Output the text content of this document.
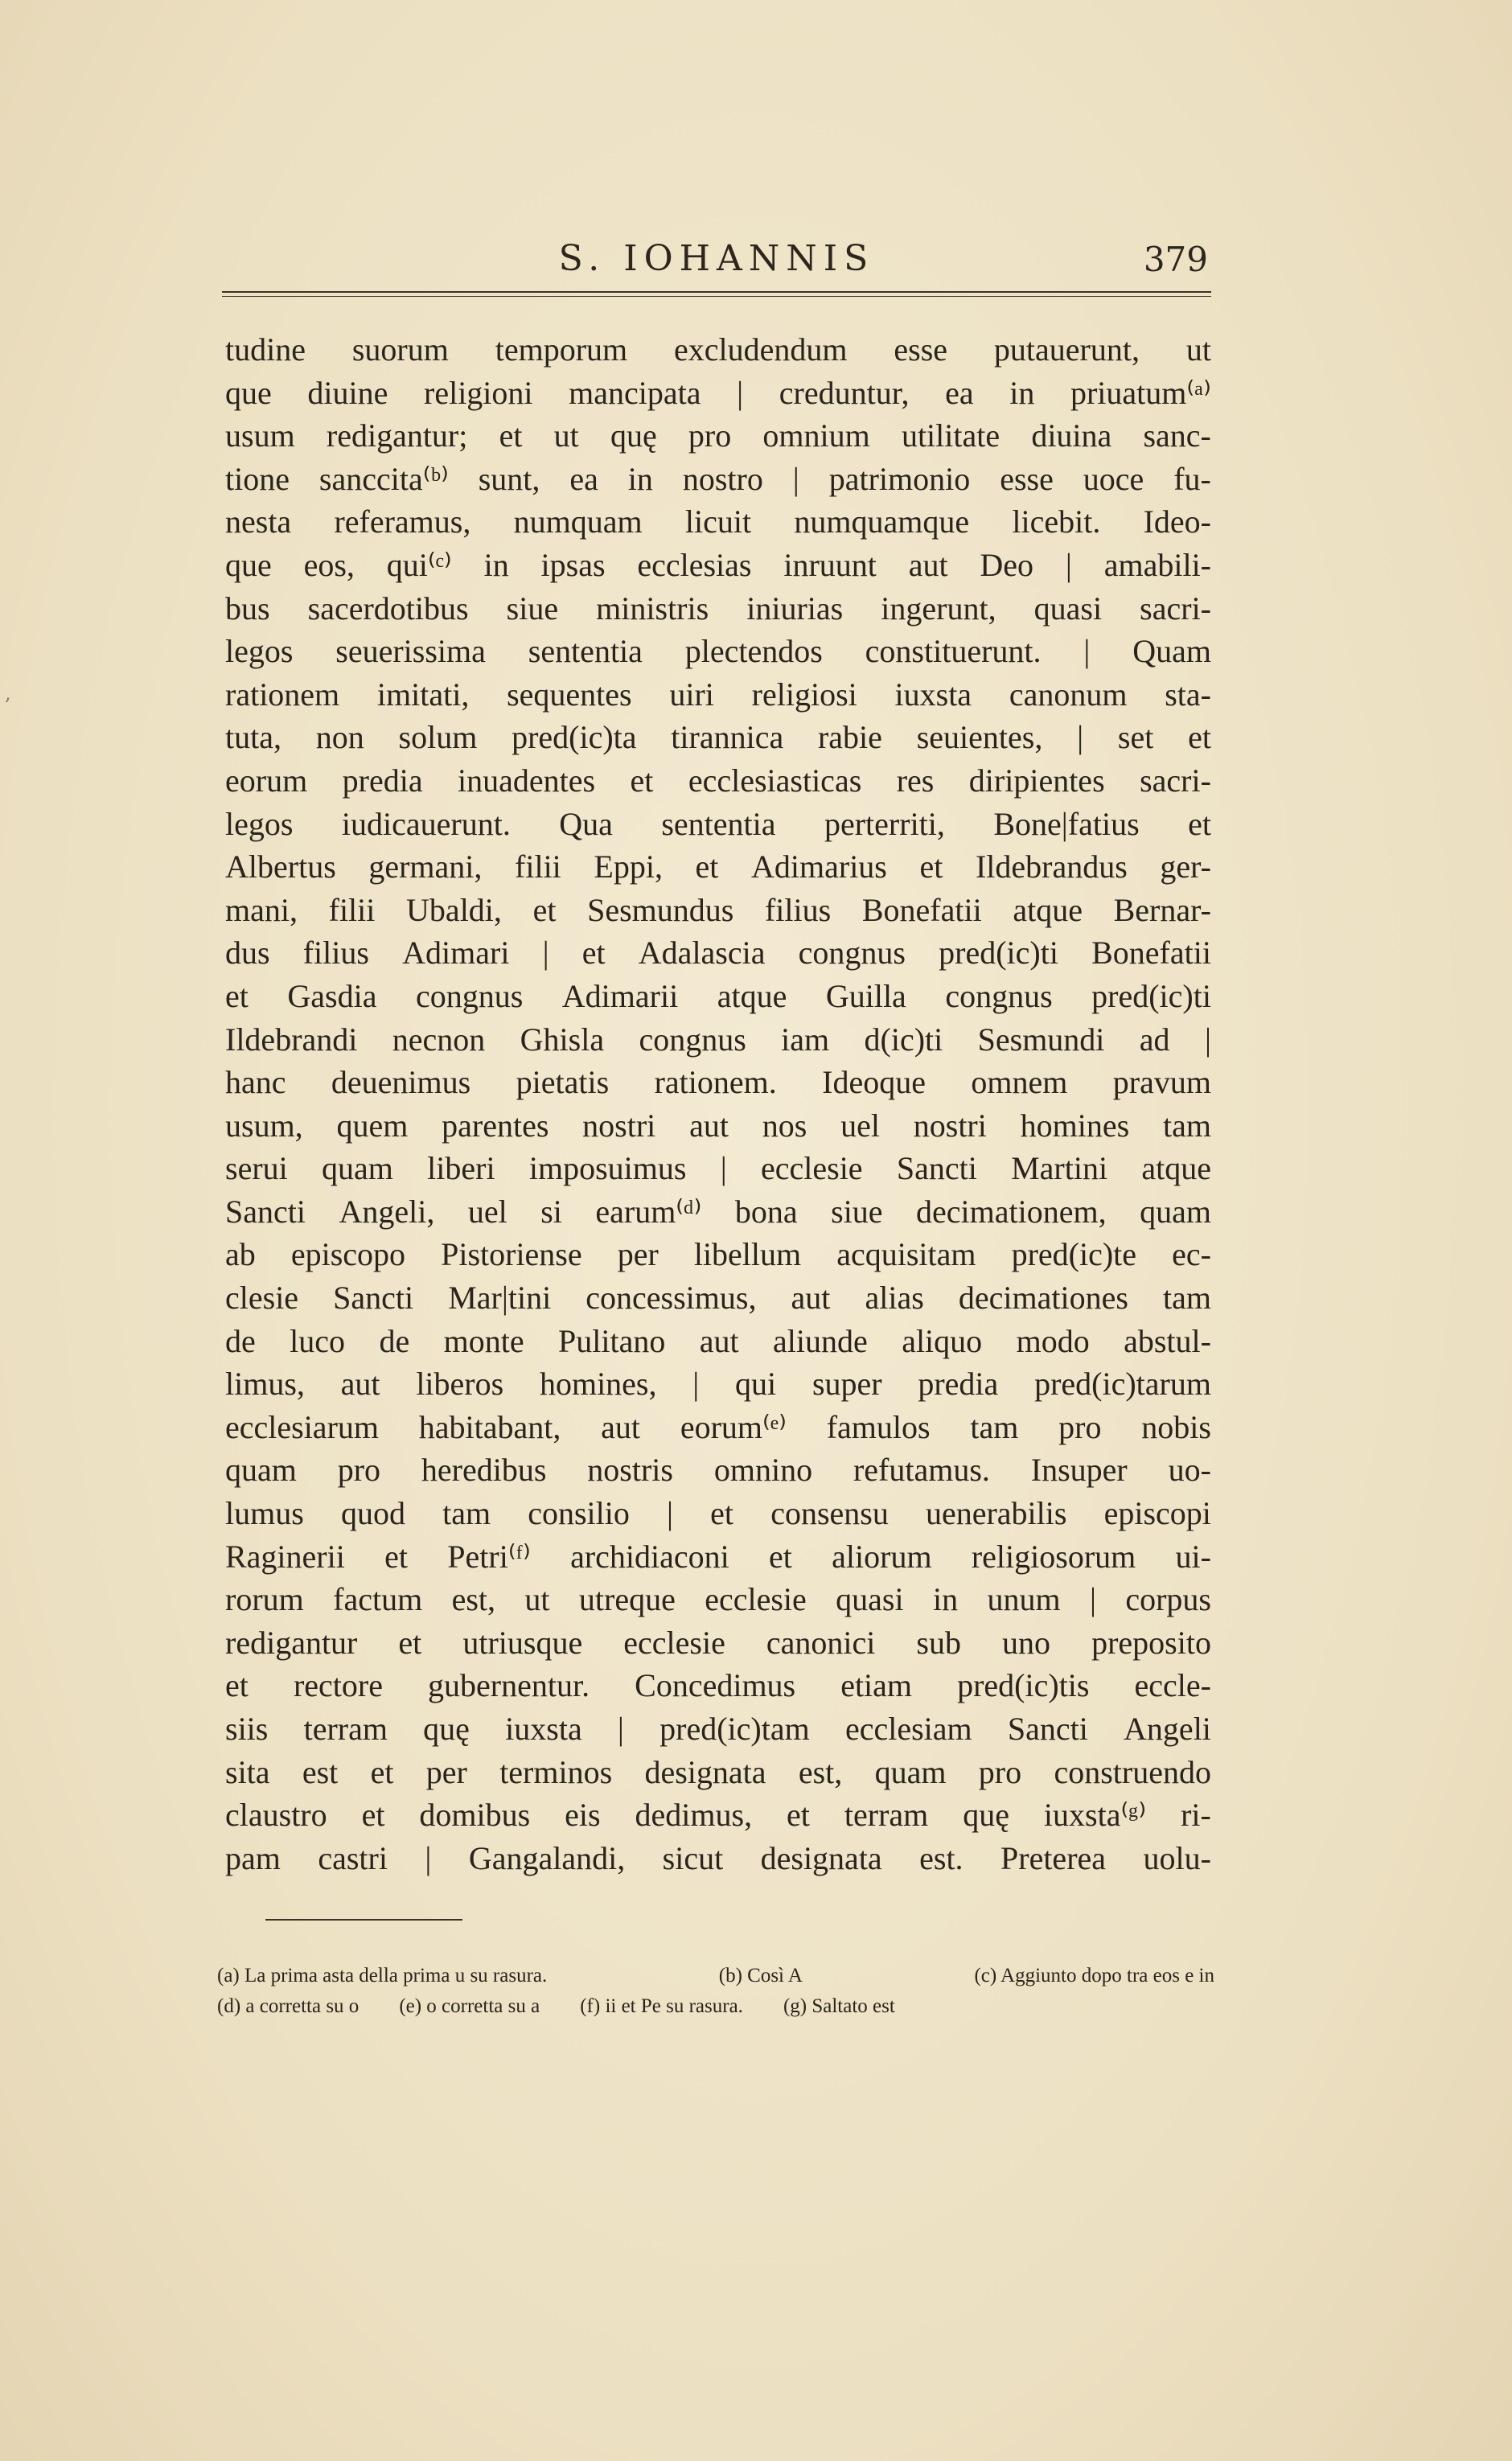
S. IOHANNIS	379
,
tudine suorum temporum excludendum esse putauerunt, ut
que diuine religioni mancipata | creduntur, ea in priuatum⁽ᵃ⁾
usum redigantur; et ut quę pro omnium utilitate diuina sanc-
tione sanccita⁽ᵇ⁾ sunt, ea in nostro | patrimonio esse uoce fu-
nesta referamus, numquam licuit numquamque licebit. Ideo-
que eos, qui⁽ᶜ⁾ in ipsas ecclesias inruunt aut Deo | amabili-
bus sacerdotibus siue ministris iniurias ingerunt, quasi sacri-
legos seuerissima sententia plectendos constituerunt. | Quam
rationem imitati, sequentes uiri religiosi iuxsta canonum sta-
tuta, non solum pred(ic)ta tirannica rabie seuientes, | set et
eorum predia inuadentes et ecclesiasticas res diripientes sacri-
legos iudicauerunt. Qua sententia perterriti, Bone|fatius et
Albertus germani, filii Eppi, et Adimarius et Ildebrandus ger-
mani, filii Ubaldi, et Sesmundus filius Bonefatii atque Bernar-
dus filius Adimari | et Adalascia congnus pred(ic)ti Bonefatii
et Gasdia congnus Adimarii atque Guilla congnus pred(ic)ti
Ildebrandi necnon Ghisla congnus iam d(ic)ti Sesmundi ad |
hanc deuenimus pietatis rationem. Ideoque omnem pravum
usum, quem parentes nostri aut nos uel nostri homines tam
serui quam liberi imposuimus | ecclesie Sancti Martini atque
Sancti Angeli, uel si earum⁽ᵈ⁾ bona siue decimationem, quam
ab episcopo Pistoriense per libellum acquisitam pred(ic)te ec-
clesie Sancti Mar|tini concessimus, aut alias decimationes tam
de luco de monte Pulitano aut aliunde aliquo modo abstul-
limus, aut liberos homines, | qui super predia pred(ic)tarum
ecclesiarum habitabant, aut eorum⁽ᵉ⁾ famulos tam pro nobis
quam pro heredibus nostris omnino refutamus. Insuper uo-
lumus quod tam consilio | et consensu uenerabilis episcopi
Raginerii et Petri⁽ᶠ⁾ archidiaconi et aliorum religiosorum ui-
rorum factum est, ut utreque ecclesie quasi in unum | corpus
redigantur et utriusque ecclesie canonici sub uno preposito
et rectore gubernentur. Concedimus etiam pred(ic)tis eccle-
siis terram quę iuxsta | pred(ic)tam ecclesiam Sancti Angeli
sita est et per terminos designata est, quam pro construendo
claustro et domibus eis dedimus, et terram quę iuxsta⁽ᵍ⁾ ri-
pam castri | Gangalandi, sicut designata est. Preterea uolu-
(a) La prima asta della prima u su rasura.	(b) Così A	(c) Aggiunto dopo tra eos e in
(d) a corretta su o (e) o corretta su a (f) ii et Pe su rasura. (g) Saltato est
